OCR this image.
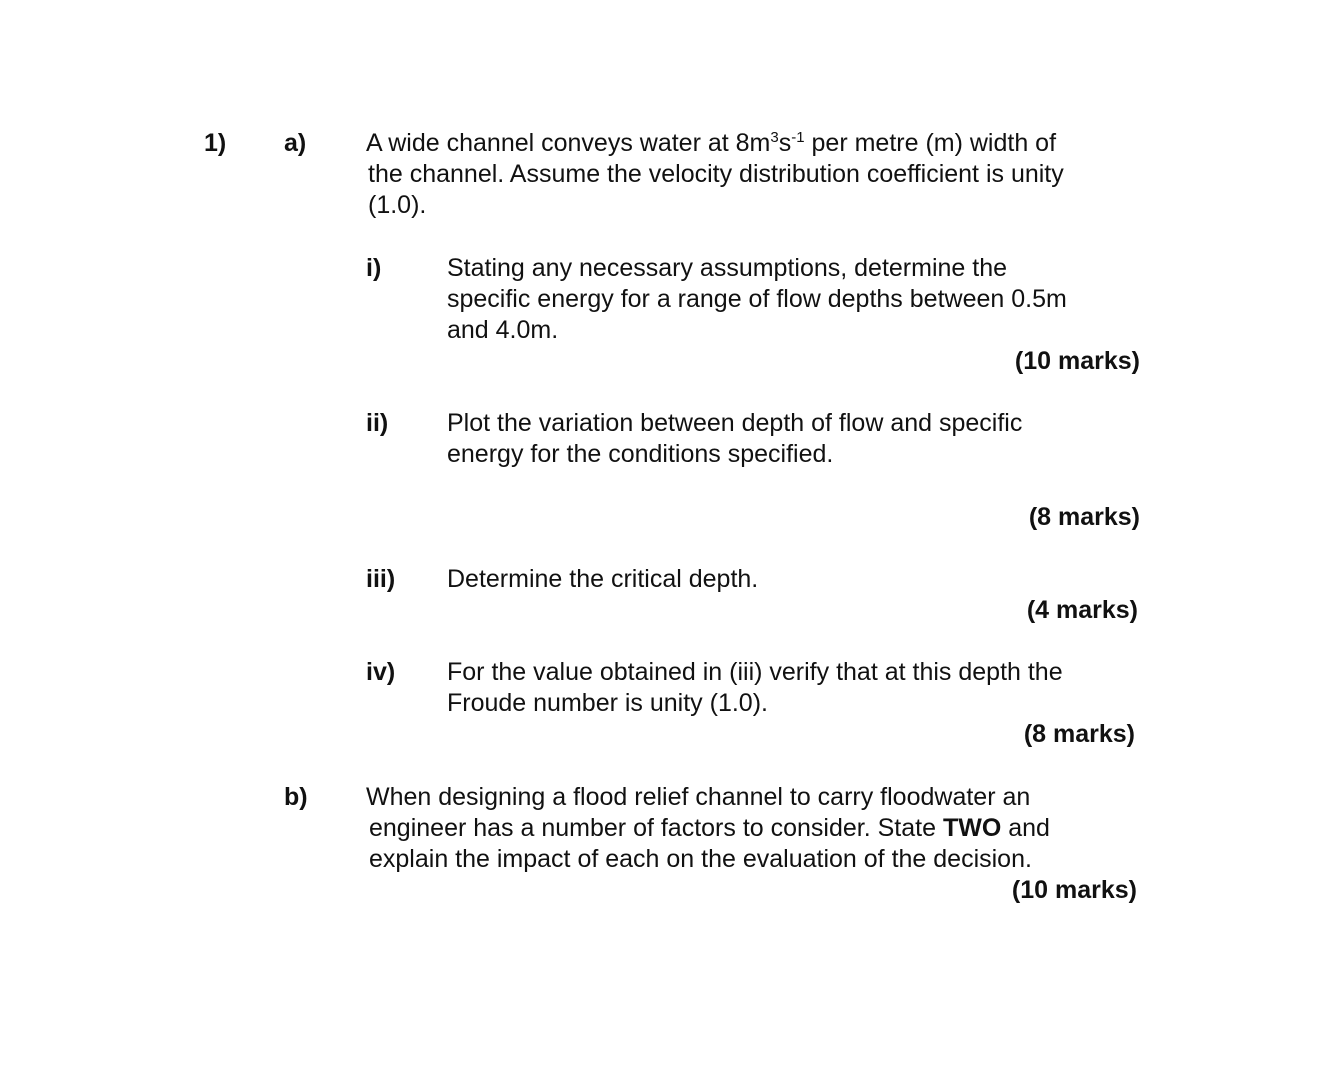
1) a) A wide channel conveys water at $8m^3s^{-1}$ per metre (m) width of
the channel. Assume the velocity distribution coefficient is unity
(1.0).
i)	Stating any necessary assumptions, determine the
specific energy for a range of flow depths between 0.5m
and 4.0m.
(10 marks)
ii) Plot the variation between depth of flow and specific
energy for the conditions specified.
(8 marks)
iii) Determine the critical depth.
(4 marks)
iv) For the value obtained in (iii) verify that at this depth the
Froude number is unity (1.0).
(8 marks)
b) When designing a flood relief channel to carry floodwater an
engineer has a number of factors to consider. State TWO and
explain the impact of each on the evaluation of the decision.
(10 marks)
